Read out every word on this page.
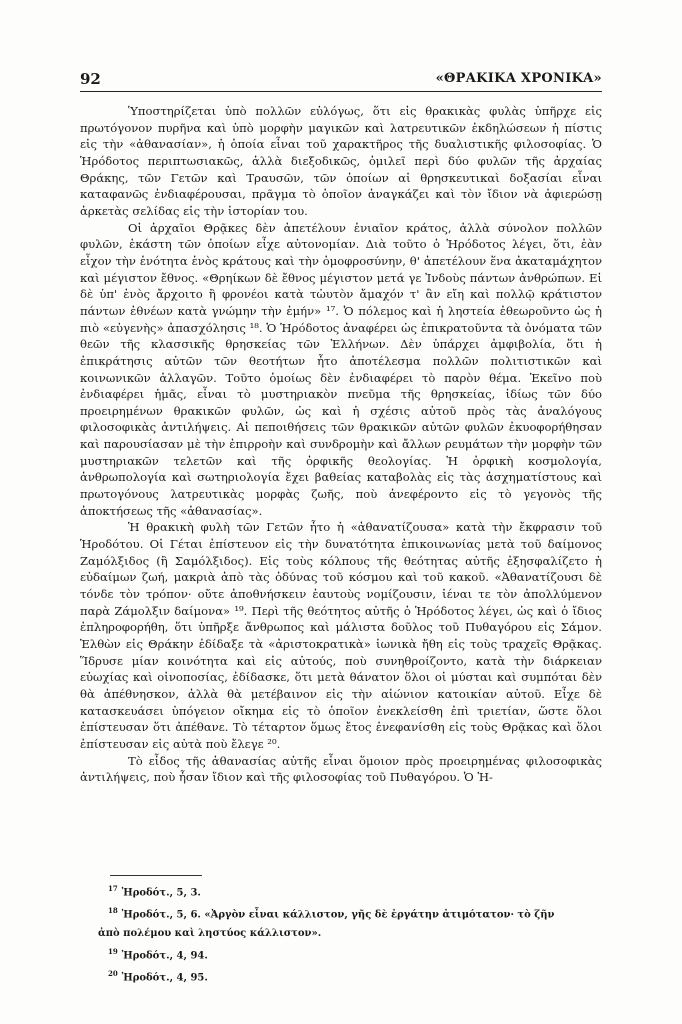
92	«ΘΡΑΚΙΚΑ ΧΡΟΝΙΚΑ»

Ὑποστηρίζεται ὑπὸ πολλῶν εὐλόγως, ὅτι εἰς θρακικὰς φυλὰς ὑπῆρχε εἰς πρωτόγονον πυρῆνα καὶ ὑπὸ μορφὴν μαγικῶν καὶ λατρευτικῶν ἐκδηλώσεων ἡ πίστις εἰς τὴν «ἀθανασίαν», ἡ ὁποία εἶναι τοῦ χαρακτῆρος τῆς δυαλιστικῆς φιλοσοφίας. Ὁ Ἡρόδοτος περιπτωσιακῶς, ἀλλὰ διεξοδικῶς, ὁμιλεῖ περὶ δύο φυλῶν τῆς ἀρχαίας Θράκης, τῶν Γετῶν καὶ Τραυσῶν, τῶν ὁποίων αἱ θρησκευτικαὶ δοξασίαι εἶναι καταφανῶς ἐνδιαφέρουσαι, πρᾶγμα τὸ ὁποῖον ἀναγκάζει καὶ τὸν ἴδιον νὰ ἀφιερώσῃ ἀρκετὰς σελίδας εἰς τὴν ἱστορίαν του.

Οἱ ἀρχαῖοι Θρᾷκες δὲν ἀπετέλουν ἑνιαῖον κράτος, ἀλλὰ σύνολον πολλῶν φυλῶν, ἑκάστη τῶν ὁποίων εἶχε αὐτονομίαν. Διὰ τοῦτο ὁ Ἡρόδοτος λέγει, ὅτι, ἐὰν εἶχον τὴν ἑνότητα ἑνὸς κράτους καὶ τὴν ὁμοφροσύνην, θ' ἀπετέλουν ἕνα ἀκαταμάχητον καὶ μέγιστον ἔθνος. «Θρηίκων δὲ ἔθνος μέγιστον μετά γε Ἰνδοὺς πάντων ἀνθρώπων. Εἰ δὲ ὑπ' ἑνὸς ἄρχοιτο ἢ φρονέοι κατὰ τὠυτὸν ἄμαχόν τ' ἂν εἴη καὶ πολλῷ κράτιστον πάντων ἐθνέων κατὰ γνώμην τὴν ἐμήν» ¹⁷. Ὁ πόλεμος καὶ ἡ ληστεία ἐθεωροῦντο ὡς ἡ πιὸ «εὐγενὴς» ἀπασχόλησις ¹⁸. Ὁ Ἡρόδοτος ἀναφέρει ὡς ἐπικρατοῦντα τὰ ὀνόματα τῶν θεῶν τῆς κλασσικῆς θρησκείας τῶν Ἑλλήνων. Δὲν ὑπάρχει ἀμφιβολία, ὅτι ἡ ἐπικράτησις αὐτῶν τῶν θεοτήτων ἦτο ἀποτέλεσμα πολλῶν πολιτιστικῶν καὶ κοινωνικῶν ἀλλαγῶν. Τοῦτο ὁμοίως δὲν ἐνδιαφέρει τὸ παρὸν θέμα. Ἐκεῖνο ποὺ ἐνδιαφέρει ἡμᾶς, εἶναι τὸ μυστηριακὸν πνεῦμα τῆς θρησκείας, ἰδίως τῶν δύο προειρημένων θρακικῶν φυλῶν, ὡς καὶ ἡ σχέσις αὐτοῦ πρὸς τὰς ἀναλόγους φιλοσοφικὰς ἀντιλήψεις. Αἱ πεποιθήσεις τῶν θρακικῶν αὐτῶν φυλῶν ἐκυοφορήθησαν καὶ παρουσίασαν μὲ τὴν ἐπιρροὴν καὶ συνδρομὴν καὶ ἄλλων ρευμάτων τὴν μορφὴν τῶν μυστηριακῶν τελετῶν καὶ τῆς ὀρφικῆς θεολογίας. Ἡ ὀρφικὴ κοσμολογία, ἀνθρωπολογία καὶ σωτηριολογία ἔχει βαθείας καταβολὰς εἰς τὰς ἀσχηματίστους καὶ πρωτογόνους λατρευτικὰς μορφὰς ζωῆς, ποὺ ἀνεφέροντο εἰς τὸ γεγονὸς τῆς ἀποκτήσεως τῆς «ἀθανασίας».

Ἡ θρακικὴ φυλὴ τῶν Γετῶν ἦτο ἡ «ἀθανατίζουσα» κατὰ τὴν ἔκφρασιν τοῦ Ἡροδότου. Οἱ Γέται ἐπίστευον εἰς τὴν δυνατότητα ἐπικοινωνίας μετὰ τοῦ δαίμονος Ζαμόλξιδος (ἢ Σαμόλξιδος). Εἰς τοὺς κόλπους τῆς θεότητας αὐτῆς ἐξησφαλίζετο ἡ εὐδαίμων ζωή, μακριὰ ἀπὸ τὰς ὀδύνας τοῦ κόσμου καὶ τοῦ κακοῦ. «Ἀθανατίζουσι δὲ τόνδε τὸν τρόπον· οὔτε ἀποθνήσκειν ἑαυτοὺς νομίζουσιν, ἰέναι τε τὸν ἀπολλύμενον παρὰ Ζάμολξιν δαίμονα» ¹⁹. Περὶ τῆς θεότητος αὐτῆς ὁ Ἡρόδοτος λέγει, ὡς καὶ ὁ ἴδιος ἐπληροφορήθη, ὅτι ὑπῆρξε ἄνθρωπος καὶ μάλιστα δοῦλος τοῦ Πυθαγόρου εἰς Σάμον. Ἐλθὼν εἰς Θράκην ἐδίδαξε τὰ «ἀριστοκρατικὰ» ἰωνικὰ ἤθη εἰς τοὺς τραχεῖς Θρᾷκας. Ἵδρυσε μίαν κοινότητα καὶ εἰς αὐτούς, ποὺ συνηθροίζοντο, κατὰ τὴν διάρκειαν εὐωχίας καὶ οἰνοποσίας, ἐδίδασκε, ὅτι μετὰ θάνατον ὅλοι οἱ μύσται καὶ συμπόται δὲν θὰ ἀπέθνησκον, ἀλλὰ θὰ μετέβαινον εἰς τὴν αἰώνιον κατοικίαν αὐτοῦ. Εἶχε δὲ κατασκευάσει ὑπόγειον οἴκημα εἰς τὸ ὁποῖον ἐνεκλείσθη ἐπὶ τριετίαν, ὥστε ὅλοι ἐπίστευσαν ὅτι ἀπέθανε. Τὸ τέταρτον ὅμως ἔτος ἐνεφανίσθη εἰς τοὺς Θρᾷκας καὶ ὅλοι ἐπίστευσαν εἰς αὐτὰ ποὺ ἔλεγε ²⁰.

Τὸ εἶδος τῆς ἀθανασίας αὐτῆς εἶναι ὅμοιον πρὸς προειρημένας φιλοσοφικὰς ἀντιλήψεις, ποὺ ἦσαν ἴδιον καὶ τῆς φιλοσοφίας τοῦ Πυθαγόρου. Ὁ Ἡ-

$^{17}$ Ἡροδότ., 5, 3.

$^{18}$ Ἡροδότ., 5, 6. «Ἀργὸν εἶναι κάλλιστον, γῆς δὲ ἐργάτην ἀτιμότατον· τὸ ζῆν
ἀπὸ πολέμου καὶ ληστύος κάλλιστον».

$^{19}$ Ἡροδότ., 4, 94.

$^{20}$ Ἡροδότ., 4, 95.
